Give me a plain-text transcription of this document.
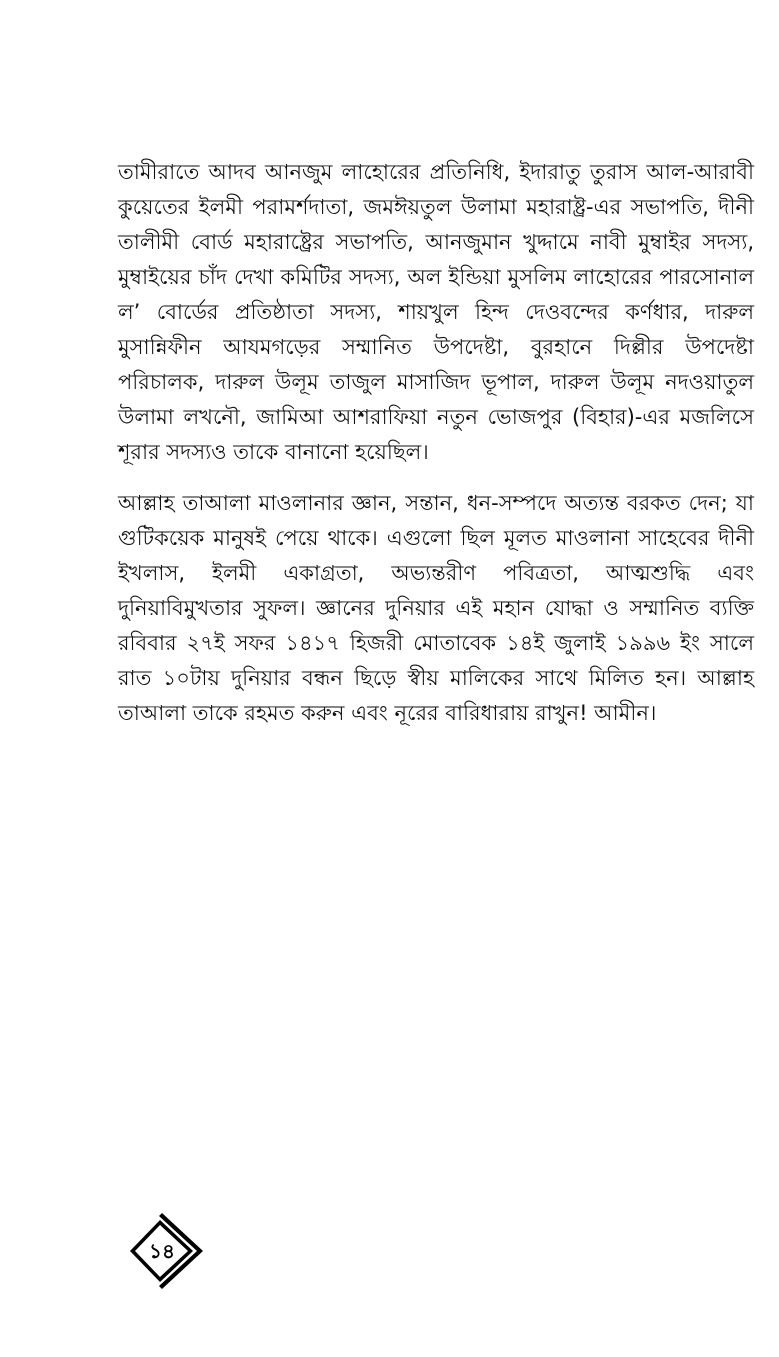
তামীরাতে আদব আনজুম লাহোরের প্রতিনিধি, ইদারাতু তুরাস আল-আরাবী কুয়েতের ইলমী পরামর্শদাতা, জমঈয়তুল উলামা মহারাষ্ট্র-এর সভাপতি, দীনী তালীমী বোর্ড মহারাষ্ট্রের সভাপতি, আনজুমান খুদ্দামে নাবী মুম্বাইর সদস্য, মুম্বাইয়ের চাঁদ দেখা কমিটির সদস্য, অল ইন্ডিয়া মুসলিম লাহোরের পারসোনাল ল’ বোর্ডের প্রতিষ্ঠাতা সদস্য, শায়খুল হিন্দ দেওবন্দের কর্ণধার, দারুল মুসান্নিফীন আযমগড়ের সম্মানিত উপদেষ্টা, বুরহানে দিল্লীর উপদেষ্টা পরিচালক, দারুল উলূম তাজুল মাসাজিদ ভূপাল, দারুল উলূম নদওয়াতুল উলামা লখনৌ, জামিআ আশরাফিয়া নতুন ভোজপুর (বিহার)-এর মজলিসে শূরার সদস্যও তাকে বানানো হয়েছিল।

আল্লাহ তাআলা মাওলানার জ্ঞান, সন্তান, ধন-সম্পদে অত্যন্ত বরকত দেন; যা গুটিকয়েক মানুষই পেয়ে থাকে। এগুলো ছিল মূলত মাওলানা সাহেবের দীনী ইখলাস, ইলমী একাগ্রতা, অভ্যন্তরীণ পবিত্রতা, আত্মশুদ্ধি এবং দুনিয়াবিমুখতার সুফল। জ্ঞানের দুনিয়ার এই মহান যোদ্ধা ও সম্মানিত ব্যক্তি রবিবার ২৭ই সফর ১৪১৭ হিজরী মোতাবেক ১৪ই জুলাই ১৯৯৬ ইং সালে রাত ১০টায় দুনিয়ার বন্ধন ছিড়ে স্বীয় মালিকের সাথে মিলিত হন। আল্লাহ তাআলা তাকে রহমত করুন এবং নূরের বারিধারায় রাখুন! আমীন।

১৪
